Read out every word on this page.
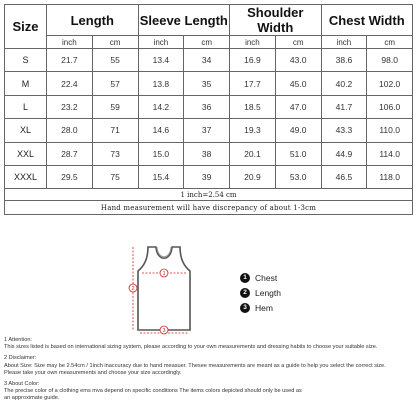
Size	Length		Sleeve Length		Shoulder Width		Chest Width	
	inch	cm	inch	cm	inch	cm	inch	cm
S	21.7	55	13.4	34	16.9	43.0	38.6	98.0
M	22.4	57	13.8	35	17.7	45.0	40.2	102.0
L	23.2	59	14.2	36	18.5	47.0	41.7	106.0
XL	28.0	71	14.6	37	19.3	49.0	43.3	110.0
XXL	28.7	73	15.0	38	20.1	51.0	44.9	114.0
XXXL	29.5	75	15.4	39	20.9	53.0	46.5	118.0
1 inch=2.54 cm								
Hand measurement will have discrepancy of about 1-3cm								
1
2
3
1 Chest
2 Length
3 Hem

1 Attention:

This sizes listed is based on international sizing system, please according to your own measurements and dressing habits to choose your suitable size.

2 Disclaimer:

About Size: Size may be 2.54cm / 1inch inaccuracy due to hand measuer. Thesee measurements are meant as a guide to help you select the correct size.

Please take your own measurements and choose your size accordingly.

3 About Color:

The precise color of a clothing ems mva depend on specific conditions The items colors depicted should only be used as

an approximate guide.
